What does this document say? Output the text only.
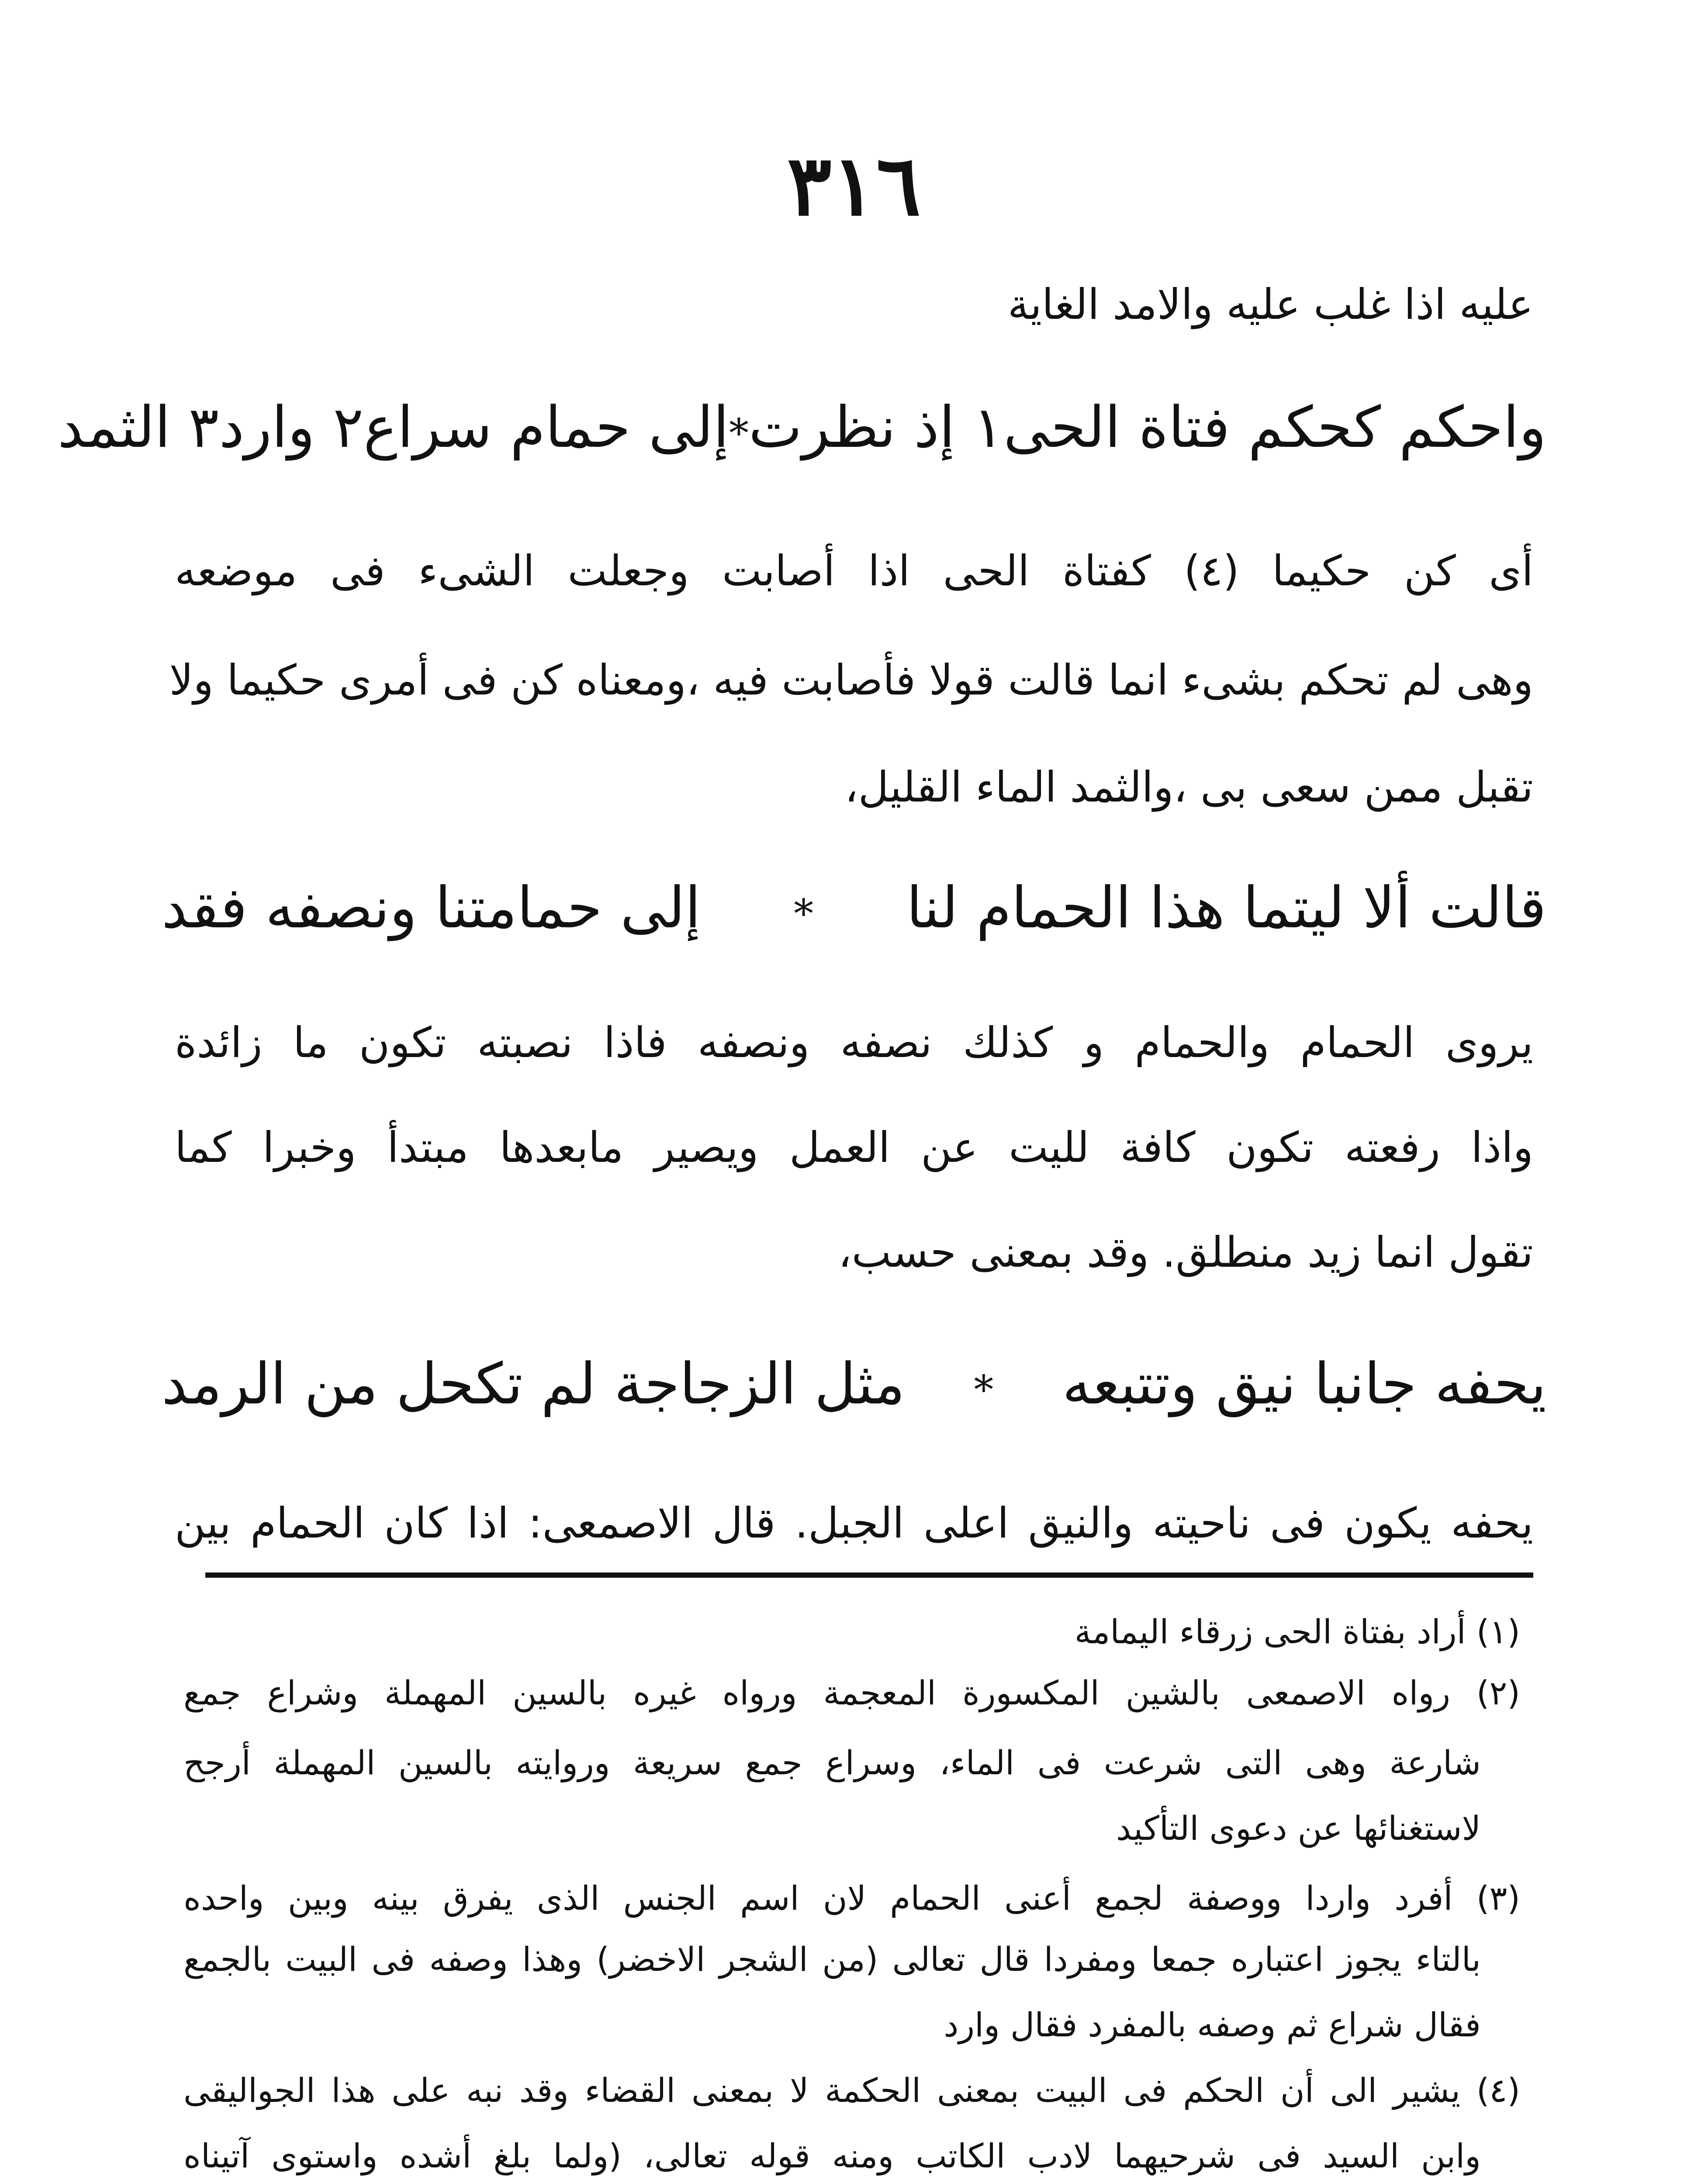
٣١٦
عليه اذا غلب عليه والامد الغاية
واحكم كحكم فتاة الحى١ إذ نظرت
*
إلى حمام سراع٢ وارد٣ الثمد
أى كن حكيما (٤) كفتاة الحى اذا أصابت وجعلت الشىء فى موضعه
وهى لم تحكم بشىء انما قالت قولا فأصابت فيه ،ومعناه كن فى أمرى حكيما ولا
تقبل ممن سعى بى ،والثمد الماء القليل،
قالت ألا ليتما هذا الحمام لنا
*
إلى حمامتنا ونصفه فقد
يروى الحمام والحمام و كذلك نصفه ونصفه فاذا نصبته تكون ما زائدة
واذا رفعته تكون كافة لليت عن العمل ويصير مابعدها مبتدأ وخبرا كما
تقول انما زيد منطلق. وقد بمعنى حسب،
يحفه جانبا نيق وتتبعه
*
مثل الزجاجة لم تكحل من الرمد
يحفه يكون فى ناحيته والنيق اعلى الجبل. قال الاصمعى: اذا كان الحمام بين
(١) أراد بفتاة الحى زرقاء اليمامة
(٢) رواه الاصمعى بالشين المكسورة المعجمة ورواه غيره بالسين المهملة وشراع جمع
شارعة وهى التى شرعت فى الماء، وسراع جمع سريعة وروايته بالسين المهملة أرجح
لاستغنائها عن دعوى التأكيد
(٣) أفرد واردا ووصفة لجمع أعنى الحمام لان اسم الجنس الذى يفرق بينه وبين واحده
بالتاء يجوز اعتباره جمعا ومفردا قال تعالى (من الشجر الاخضر) وهذا وصفه فى البيت بالجمع
فقال شراع ثم وصفه بالمفرد فقال وارد
(٤) يشير الى أن الحكم فى البيت بمعنى الحكمة لا بمعنى القضاء وقد نبه على هذا الجواليقى
وابن السيد فى شرحيهما لادب الكاتب ومنه قوله تعالى، (ولما بلغ أشده واستوى آتيناه
